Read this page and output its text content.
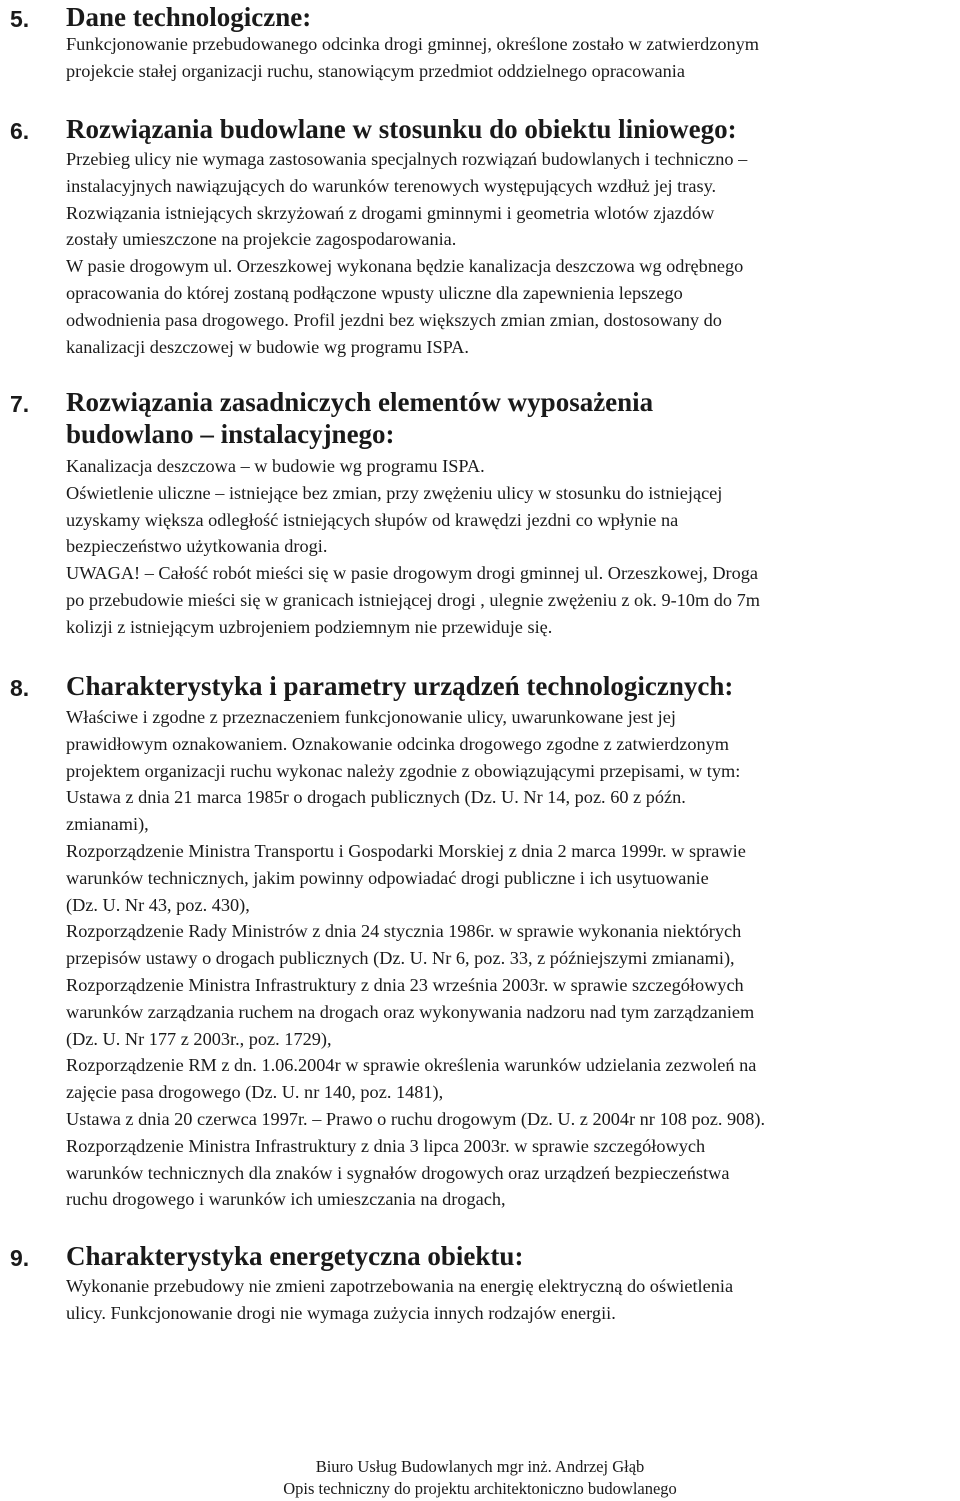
5. Dane technologiczne:
Funkcjonowanie przebudowanego odcinka drogi gminnej, określone zostało w zatwierdzonym
projekcie stałej organizacji ruchu, stanowiącym przedmiot oddzielnego opracowania
6. Rozwiązania budowlane w stosunku do obiektu liniowego:
Przebieg ulicy nie wymaga zastosowania specjalnych rozwiązań budowlanych i techniczno –
instalacyjnych nawiązujących do warunków terenowych występujących wzdłuż jej trasy.
Rozwiązania istniejących skrzyżowań z drogami gminnymi i geometria wlotów zjazdów
zostały umieszczone na projekcie zagospodarowania.
W pasie drogowym ul. Orzeszkowej wykonana będzie kanalizacja deszczowa wg odrębnego
opracowania do której zostaną podłączone wpusty uliczne dla zapewnienia lepszego
odwodnienia pasa drogowego. Profil jezdni bez większych zmian zmian, dostosowany do
kanalizacji deszczowej w budowie wg programu ISPA.
7. Rozwiązania zasadniczych elementów wyposażenia
budowlano – instalacyjnego:
Kanalizacja deszczowa – w budowie wg programu ISPA.
Oświetlenie uliczne – istniejące bez zmian, przy zwężeniu ulicy w stosunku do istniejącej
uzyskamy większa odległość istniejących słupów od krawędzi jezdni co wpłynie na
bezpieczeństwo użytkowania drogi.
UWAGA! – Całość robót mieści się w pasie drogowym drogi gminnej ul. Orzeszkowej, Droga
po przebudowie mieści się w granicach istniejącej drogi , ulegnie zwężeniu z ok. 9-10m do 7m
kolizji z istniejącym uzbrojeniem podziemnym nie przewiduje się.
8. Charakterystyka i parametry urządzeń technologicznych:
Właściwe i zgodne z przeznaczeniem funkcjonowanie ulicy, uwarunkowane jest jej
prawidłowym oznakowaniem. Oznakowanie odcinka drogowego zgodne z zatwierdzonym
projektem organizacji ruchu wykonac należy zgodnie z obowiązującymi przepisami, w tym:
Ustawa z dnia 21 marca 1985r o drogach publicznych (Dz. U. Nr 14, poz. 60 z późn.
zmianami),
Rozporządzenie Ministra Transportu i Gospodarki Morskiej z dnia 2 marca 1999r. w sprawie
warunków technicznych, jakim powinny odpowiadać drogi publiczne i ich usytuowanie
(Dz. U. Nr 43, poz. 430),
Rozporządzenie Rady Ministrów z dnia 24 stycznia 1986r. w sprawie wykonania niektórych
przepisów ustawy o drogach publicznych (Dz. U. Nr 6, poz. 33, z późniejszymi zmianami),
Rozporządzenie Ministra Infrastruktury z dnia 23 września 2003r. w sprawie szczegółowych
warunków zarządzania ruchem na drogach oraz wykonywania nadzoru nad tym zarządzaniem
(Dz. U. Nr 177 z 2003r., poz. 1729),
Rozporządzenie RM z dn. 1.06.2004r w sprawie określenia warunków udzielania zezwoleń na
zajęcie pasa drogowego (Dz. U. nr 140, poz. 1481),
Ustawa z dnia 20 czerwca 1997r. – Prawo o ruchu drogowym (Dz. U. z 2004r nr 108 poz. 908).
Rozporządzenie Ministra Infrastruktury z dnia 3 lipca 2003r. w sprawie szczegółowych
warunków technicznych dla znaków i sygnałów drogowych oraz urządzeń bezpieczeństwa
ruchu drogowego i warunków ich umieszczania na drogach,
9. Charakterystyka energetyczna obiektu:
Wykonanie przebudowy nie zmieni zapotrzebowania na energię elektryczną do oświetlenia
ulicy. Funkcjonowanie drogi nie wymaga zużycia innych rodzajów energii.
Biuro Usług Budowlanych mgr inż. Andrzej Głąb
Opis techniczny do projektu architektoniczno budowlanego
